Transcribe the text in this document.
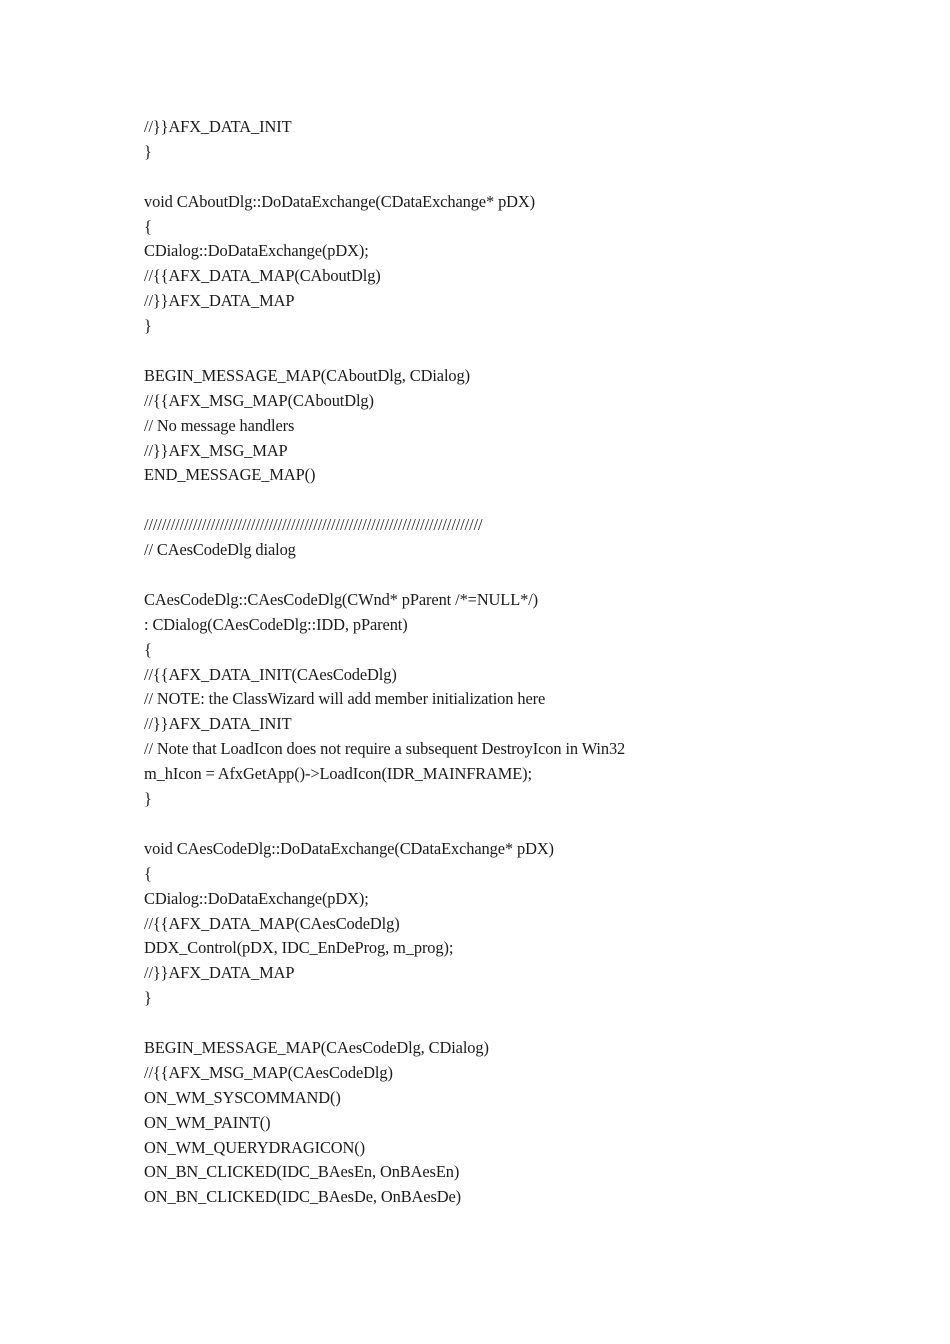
//}}AFX_DATA_INIT
}
void CAboutDlg::DoDataExchange(CDataExchange* pDX)
{
CDialog::DoDataExchange(pDX);
//{{AFX_DATA_MAP(CAboutDlg)
//}}AFX_DATA_MAP
}
BEGIN_MESSAGE_MAP(CAboutDlg, CDialog)
//{{AFX_MSG_MAP(CAboutDlg)
// No message handlers
//}}AFX_MSG_MAP
END_MESSAGE_MAP()
////////////////////////////////////////////////////////////////////////////
// CAesCodeDlg dialog
CAesCodeDlg::CAesCodeDlg(CWnd* pParent /*=NULL*/)
: CDialog(CAesCodeDlg::IDD, pParent)
{
//{{AFX_DATA_INIT(CAesCodeDlg)
// NOTE: the ClassWizard will add member initialization here
//}}AFX_DATA_INIT
// Note that LoadIcon does not require a subsequent DestroyIcon in Win32
m_hIcon = AfxGetApp()->LoadIcon(IDR_MAINFRAME);
}
void CAesCodeDlg::DoDataExchange(CDataExchange* pDX)
{
CDialog::DoDataExchange(pDX);
//{{AFX_DATA_MAP(CAesCodeDlg)
DDX_Control(pDX, IDC_EnDeProg, m_prog);
//}}AFX_DATA_MAP
}
BEGIN_MESSAGE_MAP(CAesCodeDlg, CDialog)
//{{AFX_MSG_MAP(CAesCodeDlg)
ON_WM_SYSCOMMAND()
ON_WM_PAINT()
ON_WM_QUERYDRAGICON()
ON_BN_CLICKED(IDC_BAesEn, OnBAesEn)
ON_BN_CLICKED(IDC_BAesDe, OnBAesDe)
